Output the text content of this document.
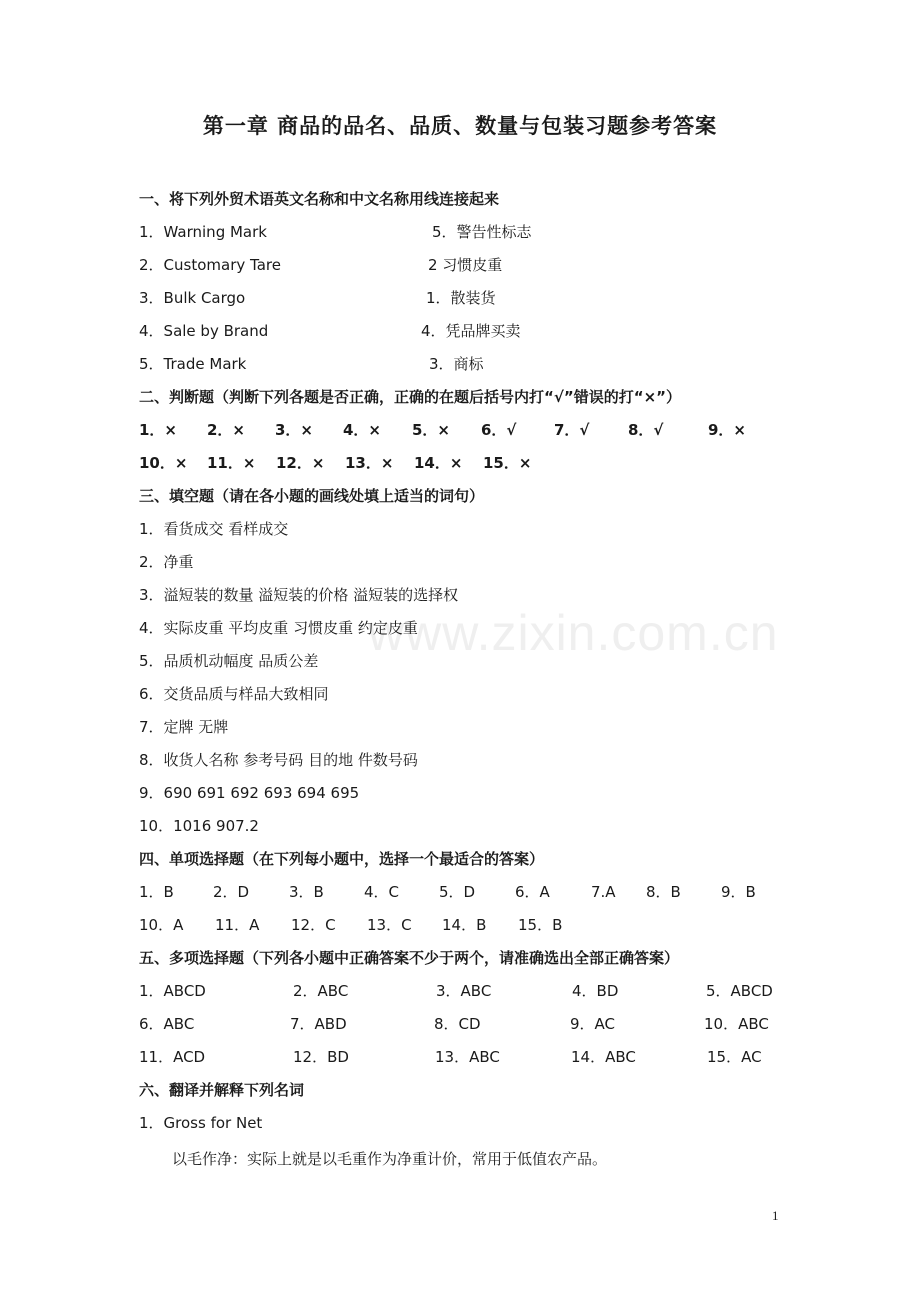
www.zixin.com.cn
第一章 商品的品名、品质、数量与包装习题参考答案
一、将下列外贸术语英文名称和中文名称用线连接起来
1．Warning Mark	5．警告性标志
2．Customary Tare	2 习惯皮重
3．Bulk Cargo	1．散装货
4．Sale by Brand	4．凭品牌买卖
5．Trade Mark	3．商标
二、判断题（判断下列各题是否正确，正确的在题后括号内打“√”错误的打“×”）
1．× 2．× 3．× 4．× 5．× 6．√	7．√	8．√	9．×
10．× 11．× 12．× 13．× 14．× 15．×
三、填空题（请在各小题的画线处填上适当的词句）
1．看货成交 看样成交
2．净重
3．溢短装的数量 溢短装的价格 溢短装的选择权
4．实际皮重 平均皮重 习惯皮重 约定皮重
5．品质机动幅度 品质公差
6．交货品质与样品大致相同
7．定牌 无牌
8．收货人名称 参考号码 目的地 件数号码
9．690 691 692 693 694 695
10．1016 907.2
四、单项选择题（在下列每小题中，选择一个最适合的答案）
1．B	2．D	3．B	4．C	5．D	6．A	7.A 8．B	9．B
10．A 11．A 12．C 13．C 14．B 15．B
五、多项选择题（下列各小题中正确答案不少于两个，请准确选出全部正确答案）
1．ABCD	2．ABC	3．ABC	4．BD	5．ABCD
6．ABC	7．ABD	8．CD	9．AC	10．ABC
11．ACD	12．BD	13．ABC	14．ABC	15．AC
六、翻译并解释下列名词
1．Gross for Net
以毛作净：实际上就是以毛重作为净重计价，常用于低值农产品。
1
